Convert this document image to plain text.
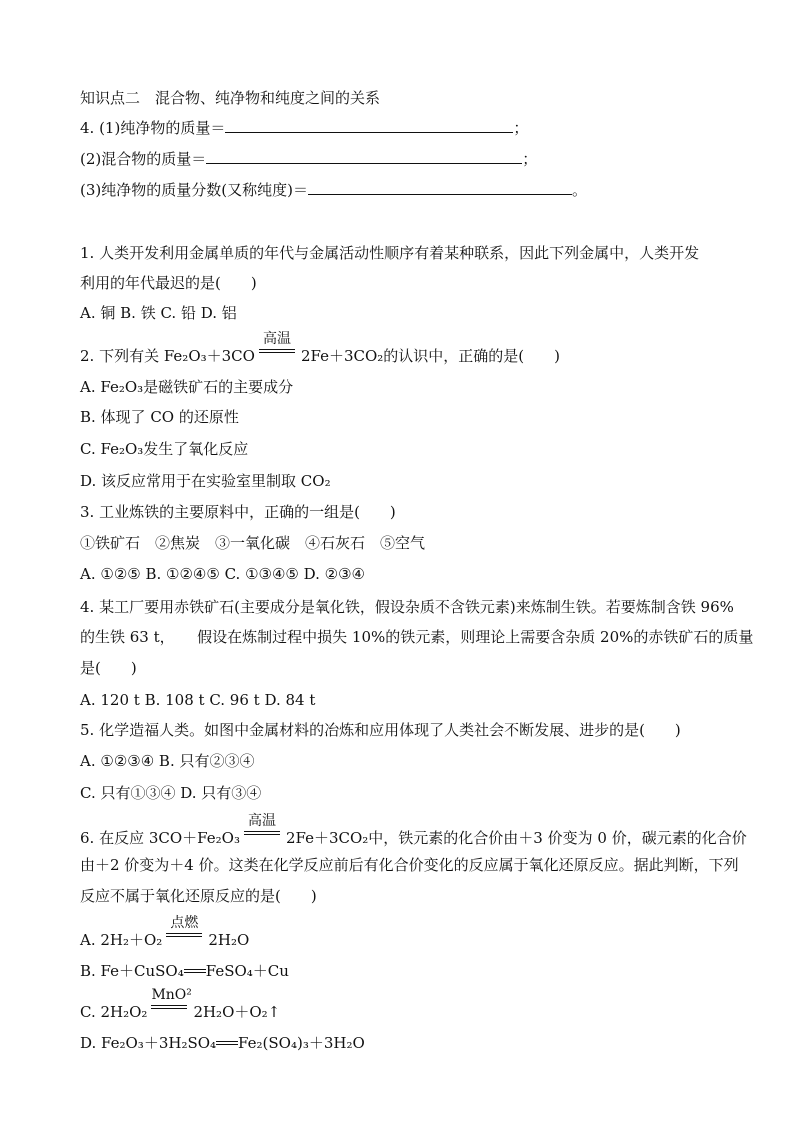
知识点二　混合物、纯净物和纯度之间的关系
4. (1)纯净物的质量＝	；
(2)混合物的质量＝	；
(3)纯净物的质量分数(又称纯度)＝	。
1. 人类开发利用金属单质的年代与金属活动性顺序有着某种联系，因此下列金属中，人类开发
利用的年代最迟的是(　　)
A. 铜 B. 铁 C. 铅 D. 铝
2. 下列有关 Fe₂O₃＋3CO
高温
2Fe＋3CO₂的认识中，正确的是(　　)
A. Fe₂O₃是磁铁矿石的主要成分
B. 体现了 CO 的还原性
C. Fe₂O₃发生了氧化反应
D. 该反应常用于在实验室里制取 CO₂
3. 工业炼铁的主要原料中，正确的一组是(　　)
①铁矿石　②焦炭　③一氧化碳　④石灰石　⑤空气
A. ①②⑤ B. ①②④⑤ C. ①③④⑤ D. ②③④
4. 某工厂要用赤铁矿石(主要成分是氧化铁，假设杂质不含铁元素)来炼制生铁。若要炼制含铁 96%
的生铁 63 t，　　假设在炼制过程中损失 10%的铁元素，则理论上需要含杂质 20%的赤铁矿石的质量
是(　　)
A. 120 t B. 108 t C. 96 t D. 84 t
5. 化学造福人类。如图中金属材料的冶炼和应用体现了人类社会不断发展、进步的是(　　)
A. ①②③④ B. 只有②③④
C. 只有①③④ D. 只有③④
6. 在反应 3CO＋Fe₂O₃
高温
2Fe＋3CO₂中，铁元素的化合价由＋3 价变为 0 价，碳元素的化合价
由＋2 价变为＋4 价。这类在化学反应前后有化合价变化的反应属于氧化还原反应。据此判断，下列
反应不属于氧化还原反应的是(　　)
A. 2H₂＋O₂
点燃
2H₂O
B. Fe＋CuSO₄ FeSO₄＋Cu
C. 2H₂O₂
MnO²
2H₂O＋O₂↑
D. Fe₂O₃＋3H₂SO₄ Fe₂(SO₄)₃＋3H₂O
